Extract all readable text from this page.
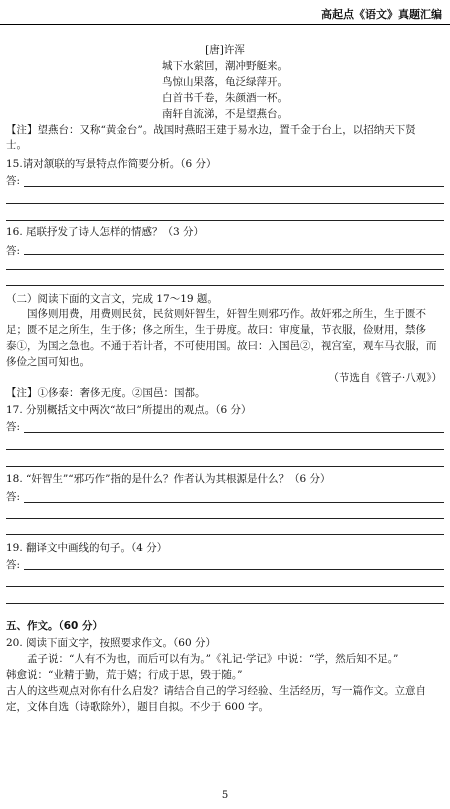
高起点《语文》真题汇编
[唐]许浑
城下水萦回，潮冲野艇来。
鸟惊山果落，龟泛绿萍开。
白首书千卷，朱颜酒一杯。
南轩自流涕，不是望燕台。
【注】望燕台：又称“黄金台”。战国时燕昭王建于易水边，置千金于台上，以招纳天下贤
士。
15.请对颔联的写景特点作简要分析。（6 分）
答:
16. 尾联抒发了诗人怎样的情感？（3 分）
答:
（二）阅读下面的文言文，完成 17～19 题。
国侈则用费，用费则民贫，民贫则奸智生，奸智生则邪巧作。故奸邪之所生，生于匮不
足；匮不足之所生，生于侈；侈之所生，生于毋度。故曰：审度量，节衣服，俭财用，禁侈
泰①，为国之急也。不通于若计者，不可使用国。故曰：入国邑②，视宫室，观车马衣服，而
侈俭之国可知也。
（节选自《管子·八观》）
【注】①侈泰：奢侈无度。②国邑：国都。
17. 分别概括文中两次“故曰”所提出的观点。（6 分）
答:
18. “奸智生”“邪巧作”指的是什么？作者认为其根源是什么？（6 分）
答:
19. 翻译文中画线的句子。（4 分）
答:
五、作文。（60 分）
20. 阅读下面文字，按照要求作文。（60 分）
孟子说：“人有不为也，而后可以有为。”《礼记·学记》中说：“学，然后知不足。”
韩愈说：“业精于勤，荒于嬉；行成于思，毁于随。”
古人的这些观点对你有什么启发？请结合自己的学习经验、生活经历，写一篇作文。立意自
定，文体自选（诗歌除外），题目自拟。不少于 600 字。
5
